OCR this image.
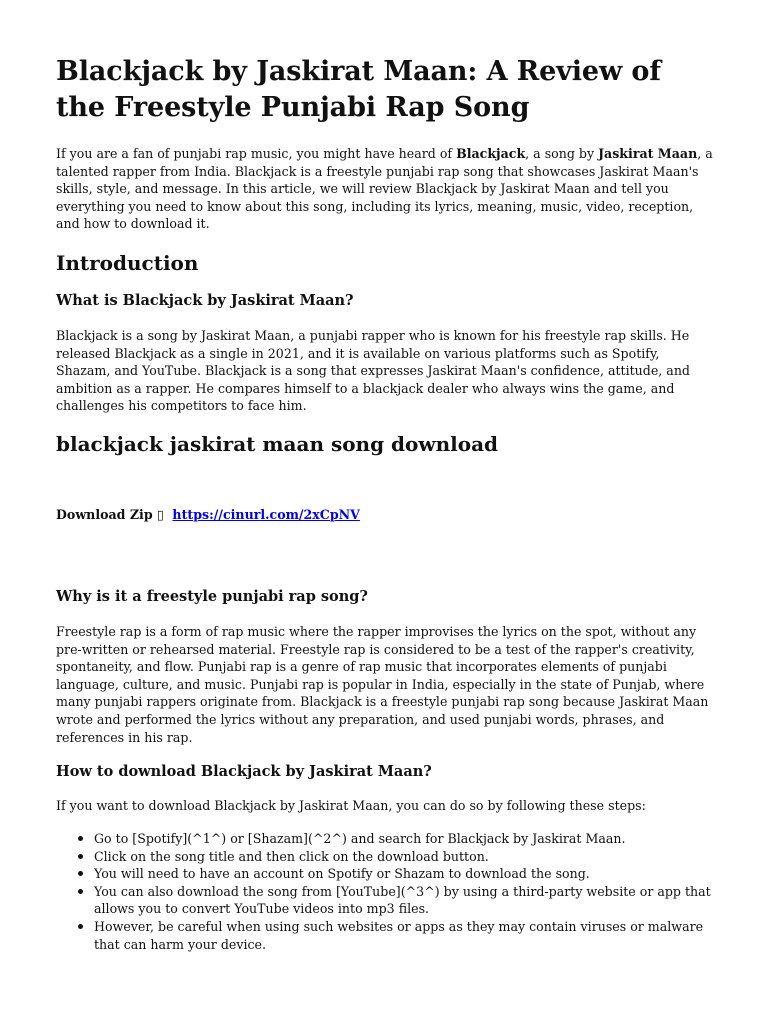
Blackjack by Jaskirat Maan: A Review of the Freestyle Punjabi Rap Song

If you are a fan of punjabi rap music, you might have heard of Blackjack, a song by Jaskirat Maan, a talented rapper from India. Blackjack is a freestyle punjabi rap song that showcases Jaskirat Maan's skills, style, and message. In this article, we will review Blackjack by Jaskirat Maan and tell you everything you need to know about this song, including its lyrics, meaning, music, video, reception, and how to download it.

Introduction
What is Blackjack by Jaskirat Maan?

Blackjack is a song by Jaskirat Maan, a punjabi rapper who is known for his freestyle rap skills. He released Blackjack as a single in 2021, and it is available on various platforms such as Spotify, Shazam, and YouTube. Blackjack is a song that expresses Jaskirat Maan's confidence, attitude, and ambition as a rapper. He compares himself to a blackjack dealer who always wins the game, and challenges his competitors to face him.

blackjack jaskirat maan song download
Download Zip ▯ https://cinurl.com/2xCpNV
Why is it a freestyle punjabi rap song?

Freestyle rap is a form of rap music where the rapper improvises the lyrics on the spot, without any pre-written or rehearsed material. Freestyle rap is considered to be a test of the rapper's creativity, spontaneity, and flow. Punjabi rap is a genre of rap music that incorporates elements of punjabi language, culture, and music. Punjabi rap is popular in India, especially in the state of Punjab, where many punjabi rappers originate from. Blackjack is a freestyle punjabi rap song because Jaskirat Maan wrote and performed the lyrics without any preparation, and used punjabi words, phrases, and references in his rap.

How to download Blackjack by Jaskirat Maan?

If you want to download Blackjack by Jaskirat Maan, you can do so by following these steps:

Go to [Spotify](^1^) or [Shazam](^2^) and search for Blackjack by Jaskirat Maan.
Click on the song title and then click on the download button.
You will need to have an account on Spotify or Shazam to download the song.
You can also download the song from [YouTube](^3^) by using a third-party website or app that allows you to convert YouTube videos into mp3 files.
However, be careful when using such websites or apps as they may contain viruses or malware that can harm your device.
